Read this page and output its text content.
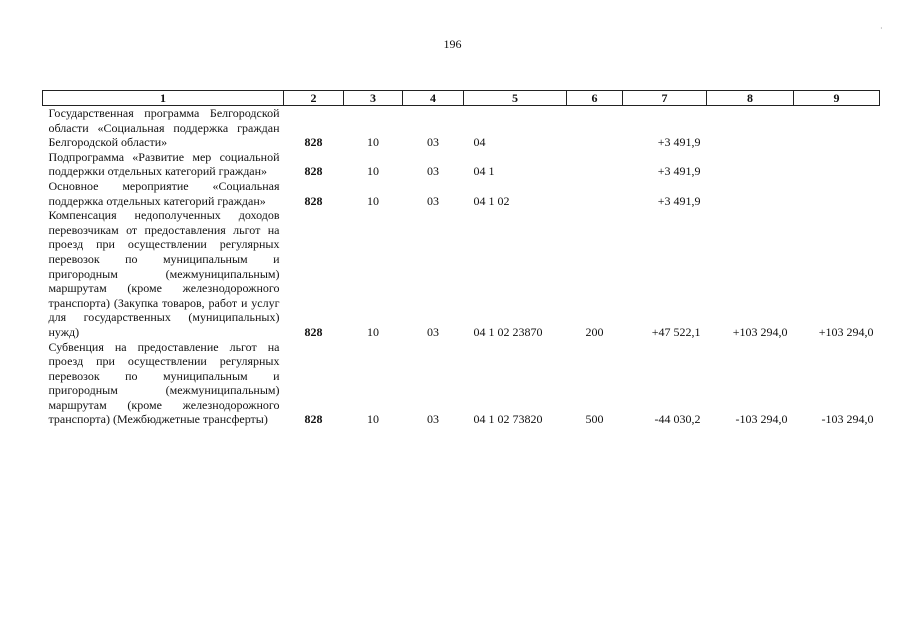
196
·
1	2	3	4	5	6	7	8	9
Государственная программа Белгородской области «Социальная поддержка граждан Белгородской области»	828	10	03	04		+3 491,9		
Подпрограмма «Развитие мер социальной поддержки отдельных категорий граждан»	828	10	03	04 1		+3 491,9		
Основное мероприятие «Социальная поддержка отдельных категорий граждан»	828	10	03	04 1 02		+3 491,9		
Компенсация недополученных доходов перевозчикам от предоставления льгот на проезд при осуществлении регулярных перевозок по муниципальным и пригородным (межмуниципальным) маршрутам (кроме железнодорожного транспорта) (Закупка товаров, работ и услуг для государственных (муниципальных) нужд)	828	10	03	04 1 02 23870	200	+47 522,1	+103 294,0	+103 294,0
Субвенция на предоставление льгот на проезд при осуществлении регулярных перевозок по муниципальным и пригородным (межмуниципальным) маршрутам (кроме железнодорожного транспорта) (Межбюджетные трансферты)	828	10	03	04 1 02 73820	500	-44 030,2	-103 294,0	-103 294,0
